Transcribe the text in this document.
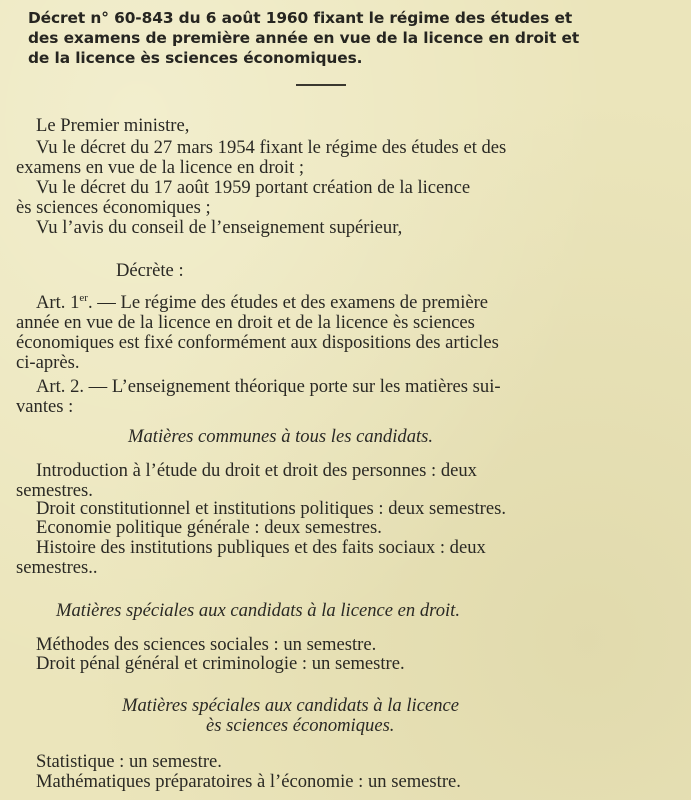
Décret n° 60-843 du 6 août 1960 fixant le régime des études et
des examens de première année en vue de la licence en droit et
de la licence ès sciences économiques.
Le Premier ministre,
Vu le décret du 27 mars 1954 fixant le régime des études et des
examens en vue de la licence en droit ;
Vu le décret du 17 août 1959 portant création de la licence
ès sciences économiques ;
Vu l’avis du conseil de l’enseignement supérieur,
Décrète :
Art. 1er. — Le régime des études et des examens de première
année en vue de la licence en droit et de la licence ès sciences
économiques est fixé conformément aux dispositions des articles
ci-après.
Art. 2. — L’enseignement théorique porte sur les matières sui-
vantes :
Matières communes à tous les candidats.
Introduction à l’étude du droit et droit des personnes : deux
semestres.
Droit constitutionnel et institutions politiques : deux semestres.
Economie politique générale : deux semestres.
Histoire des institutions publiques et des faits sociaux : deux
semestres..
Matières spéciales aux candidats à la licence en droit.
Méthodes des sciences sociales : un semestre.
Droit pénal général et criminologie : un semestre.
Matières spéciales aux candidats à la licence
ès sciences économiques.
Statistique : un semestre.
Mathématiques préparatoires à l’économie : un semestre.
